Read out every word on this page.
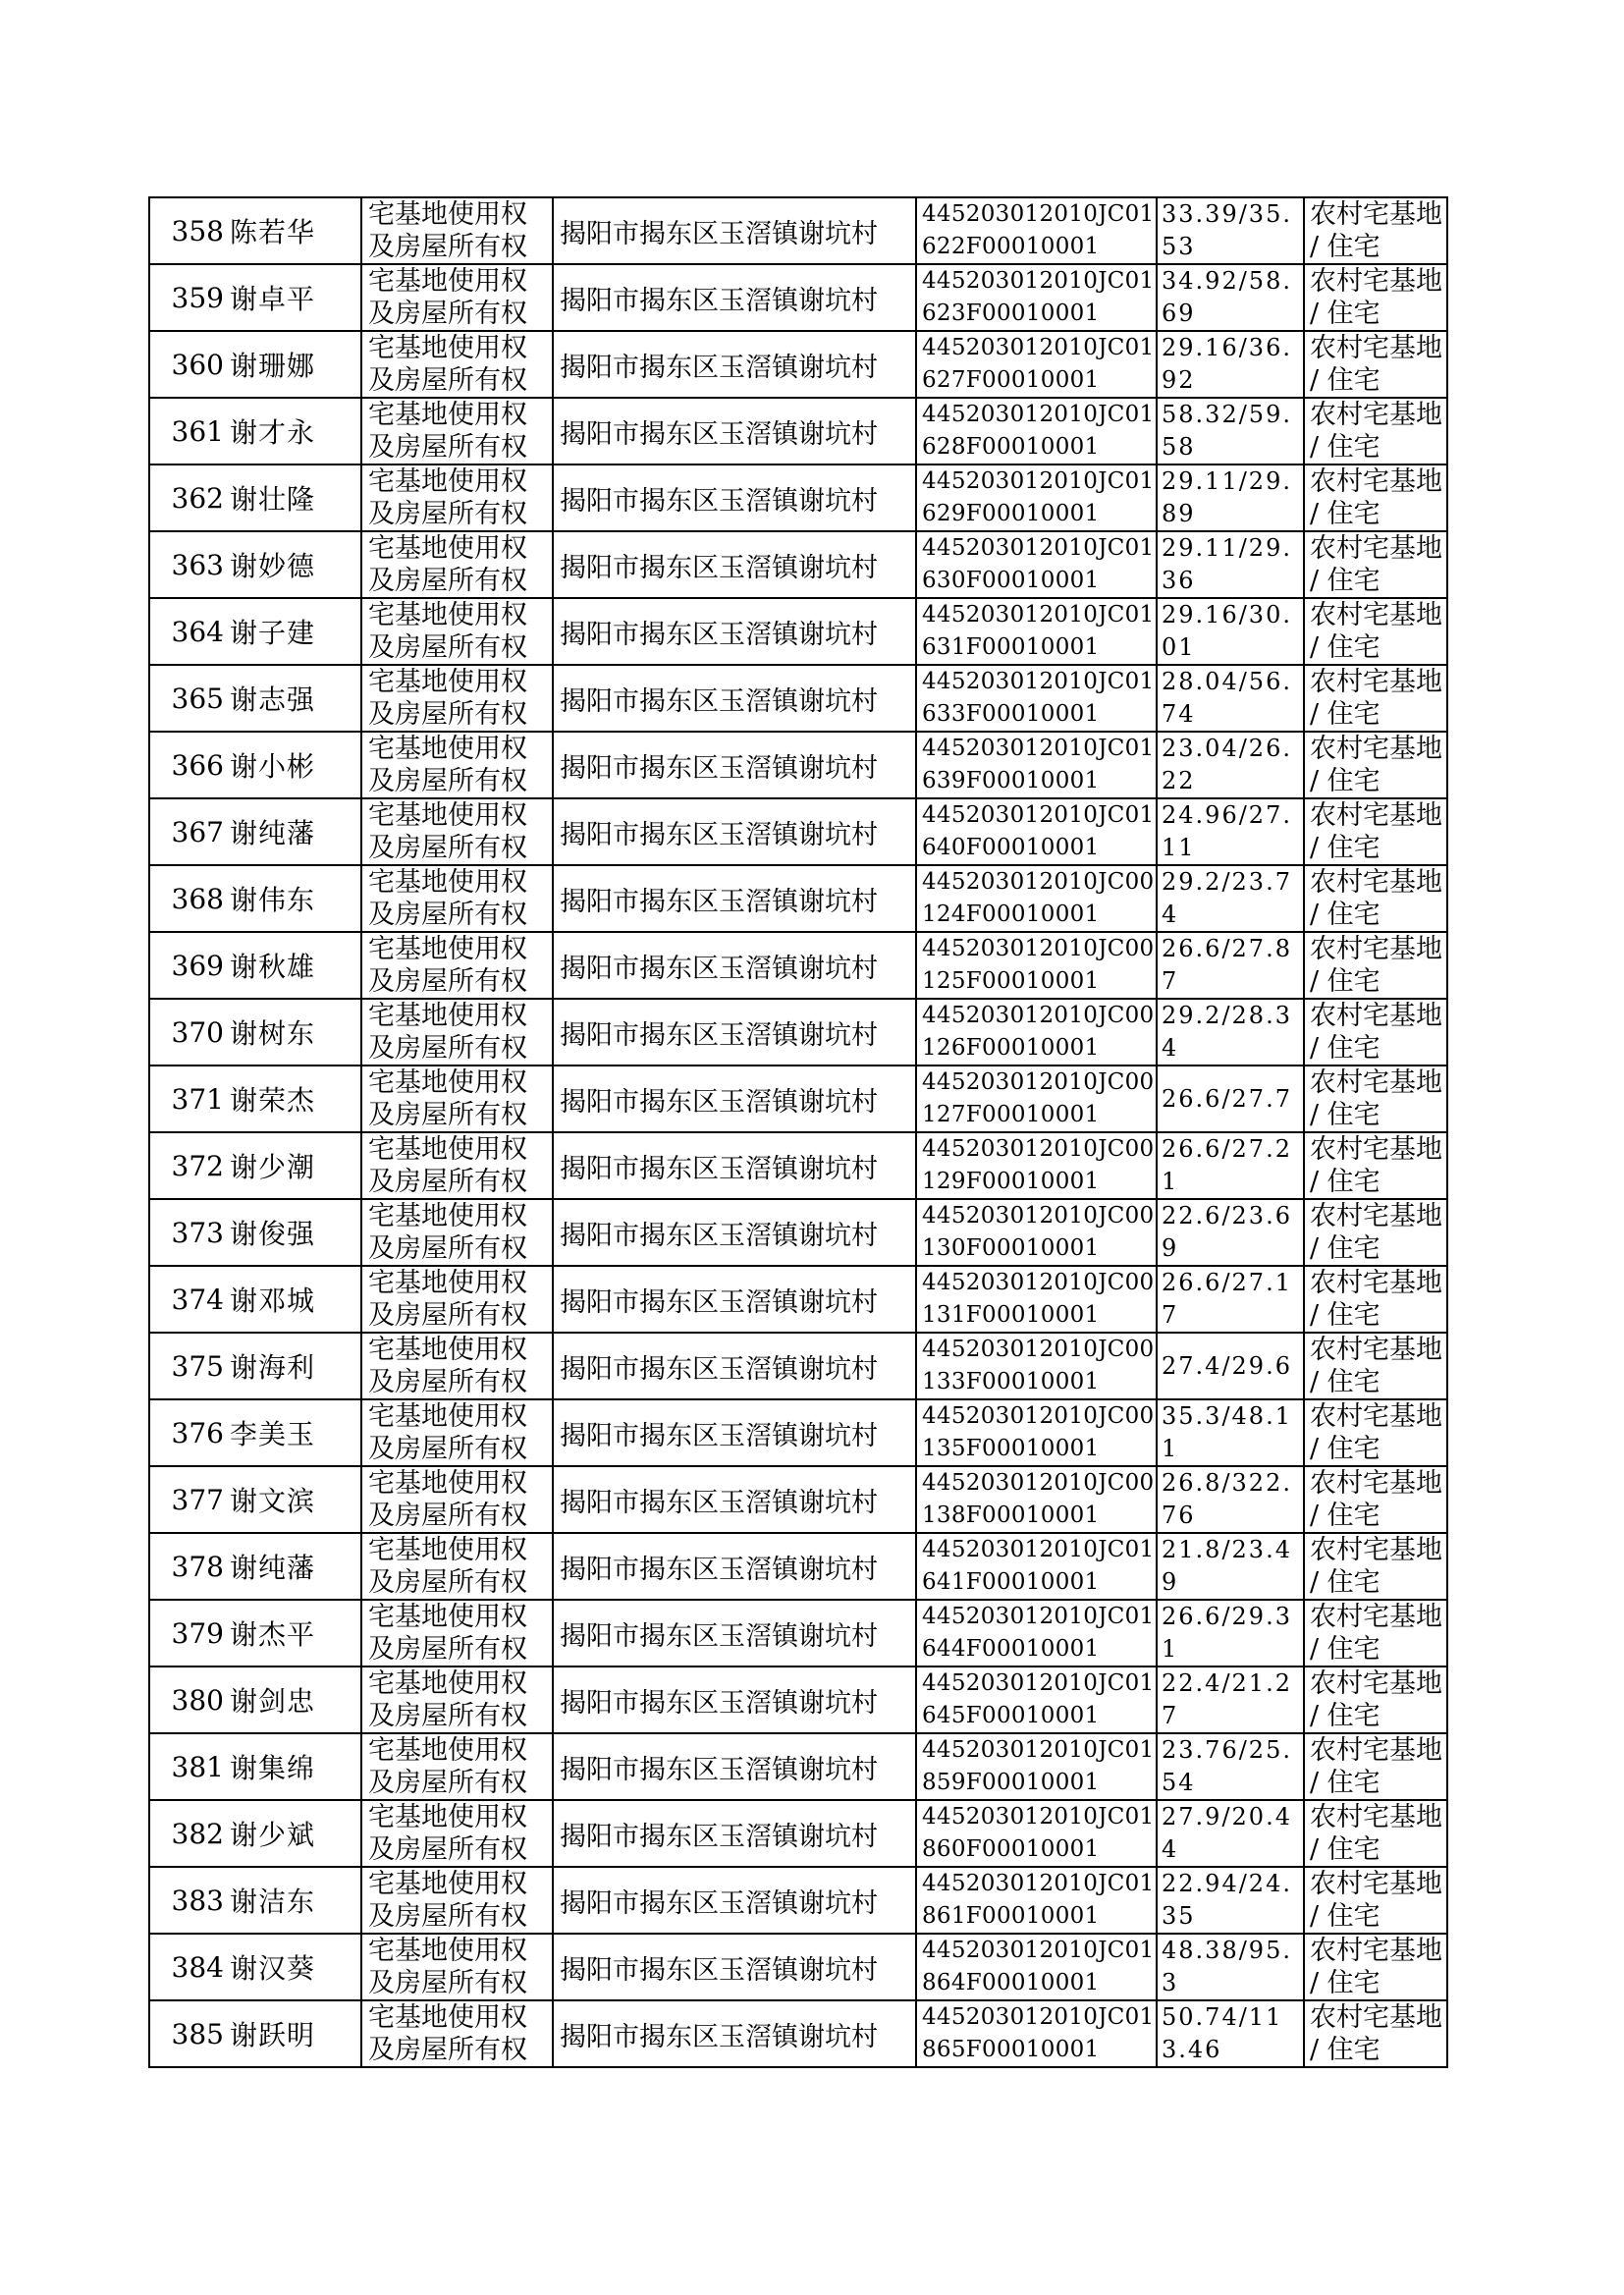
358	陈若华	宅基地使用权及房屋所有权	揭阳市揭东区玉滘镇谢坑村	445203012010JC01622F00010001	33.39/35.53	农村宅基地 / 住宅

359	谢卓平	宅基地使用权及房屋所有权	揭阳市揭东区玉滘镇谢坑村	445203012010JC01623F00010001	34.92/58.69	农村宅基地 / 住宅

360	谢珊娜	宅基地使用权及房屋所有权	揭阳市揭东区玉滘镇谢坑村	445203012010JC01627F00010001	29.16/36.92	农村宅基地 / 住宅

361	谢才永	宅基地使用权及房屋所有权	揭阳市揭东区玉滘镇谢坑村	445203012010JC01628F00010001	58.32/59.58	农村宅基地 / 住宅

362	谢壮隆	宅基地使用权及房屋所有权	揭阳市揭东区玉滘镇谢坑村	445203012010JC01629F00010001	29.11/29.89	农村宅基地 / 住宅

363	谢妙德	宅基地使用权及房屋所有权	揭阳市揭东区玉滘镇谢坑村	445203012010JC01630F00010001	29.11/29.36	农村宅基地 / 住宅

364	谢子建	宅基地使用权及房屋所有权	揭阳市揭东区玉滘镇谢坑村	445203012010JC01631F00010001	29.16/30.01	农村宅基地 / 住宅

365	谢志强	宅基地使用权及房屋所有权	揭阳市揭东区玉滘镇谢坑村	445203012010JC01633F00010001	28.04/56.74	农村宅基地 / 住宅

366	谢小彬	宅基地使用权及房屋所有权	揭阳市揭东区玉滘镇谢坑村	445203012010JC01639F00010001	23.04/26.22	农村宅基地 / 住宅

367	谢纯藩	宅基地使用权及房屋所有权	揭阳市揭东区玉滘镇谢坑村	445203012010JC01640F00010001	24.96/27.11	农村宅基地 / 住宅

368	谢伟东	宅基地使用权及房屋所有权	揭阳市揭东区玉滘镇谢坑村	445203012010JC00124F00010001	29.2/23.74	农村宅基地 / 住宅

369	谢秋雄	宅基地使用权及房屋所有权	揭阳市揭东区玉滘镇谢坑村	445203012010JC00125F00010001	26.6/27.87	农村宅基地 / 住宅

370	谢树东	宅基地使用权及房屋所有权	揭阳市揭东区玉滘镇谢坑村	445203012010JC00126F00010001	29.2/28.34	农村宅基地 / 住宅

371	谢荣杰	宅基地使用权及房屋所有权	揭阳市揭东区玉滘镇谢坑村	445203012010JC00127F00010001	26.6/27.7	农村宅基地 / 住宅

372	谢少潮	宅基地使用权及房屋所有权	揭阳市揭东区玉滘镇谢坑村	445203012010JC00129F00010001	26.6/27.21	农村宅基地 / 住宅

373	谢俊强	宅基地使用权及房屋所有权	揭阳市揭东区玉滘镇谢坑村	445203012010JC00130F00010001	22.6/23.69	农村宅基地 / 住宅

374	谢邓城	宅基地使用权及房屋所有权	揭阳市揭东区玉滘镇谢坑村	445203012010JC00131F00010001	26.6/27.17	农村宅基地 / 住宅

375	谢海利	宅基地使用权及房屋所有权	揭阳市揭东区玉滘镇谢坑村	445203012010JC00133F00010001	27.4/29.6	农村宅基地 / 住宅

376	李美玉	宅基地使用权及房屋所有权	揭阳市揭东区玉滘镇谢坑村	445203012010JC00135F00010001	35.3/48.11	农村宅基地 / 住宅

377	谢文滨	宅基地使用权及房屋所有权	揭阳市揭东区玉滘镇谢坑村	445203012010JC00138F00010001	26.8/322.76	农村宅基地 / 住宅

378	谢纯藩	宅基地使用权及房屋所有权	揭阳市揭东区玉滘镇谢坑村	445203012010JC01641F00010001	21.8/23.49	农村宅基地 / 住宅

379	谢杰平	宅基地使用权及房屋所有权	揭阳市揭东区玉滘镇谢坑村	445203012010JC01644F00010001	26.6/29.31	农村宅基地 / 住宅

380	谢剑忠	宅基地使用权及房屋所有权	揭阳市揭东区玉滘镇谢坑村	445203012010JC01645F00010001	22.4/21.27	农村宅基地 / 住宅

381	谢集绵	宅基地使用权及房屋所有权	揭阳市揭东区玉滘镇谢坑村	445203012010JC01859F00010001	23.76/25.54	农村宅基地 / 住宅

382	谢少斌	宅基地使用权及房屋所有权	揭阳市揭东区玉滘镇谢坑村	445203012010JC01860F00010001	27.9/20.44	农村宅基地 / 住宅

383	谢洁东	宅基地使用权及房屋所有权	揭阳市揭东区玉滘镇谢坑村	445203012010JC01861F00010001	22.94/24.35	农村宅基地 / 住宅

384	谢汉葵	宅基地使用权及房屋所有权	揭阳市揭东区玉滘镇谢坑村	445203012010JC01864F00010001	48.38/95.3	农村宅基地 / 住宅

385	谢跃明	宅基地使用权及房屋所有权	揭阳市揭东区玉滘镇谢坑村	445203012010JC01865F00010001	50.74/113.46	农村宅基地 / 住宅
